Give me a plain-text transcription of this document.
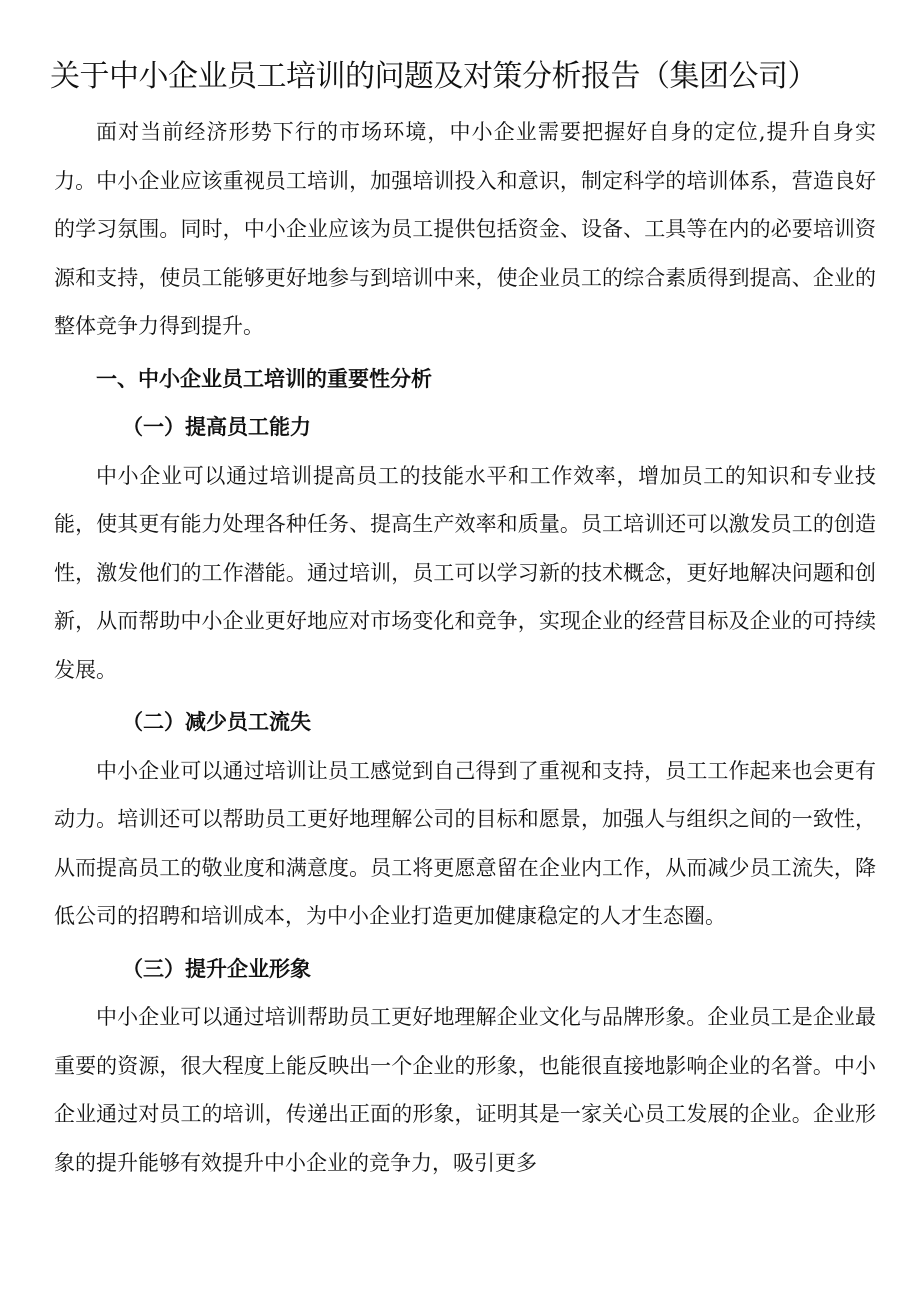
关于中小企业员工培训的问题及对策分析报告（集团公司）

面对当前经济形势下行的市场环境，中小企业需要把握好自身的定位,提升自身实力。中小企业应该重视员工培训，加强培训投入和意识，制定科学的培训体系，营造良好的学习氛围。同时，中小企业应该为员工提供包括资金、设备、工具等在内的必要培训资源和支持，使员工能够更好地参与到培训中来，使企业员工的综合素质得到提高、企业的整体竞争力得到提升。

一、中小企业员工培训的重要性分析

（一）提高员工能力

中小企业可以通过培训提高员工的技能水平和工作效率，增加员工的知识和专业技能，使其更有能力处理各种任务、提高生产效率和质量。员工培训还可以激发员工的创造性，激发他们的工作潜能。通过培训，员工可以学习新的技术概念，更好地解决问题和创新，从而帮助中小企业更好地应对市场变化和竞争，实现企业的经营目标及企业的可持续发展。

（二）减少员工流失

中小企业可以通过培训让员工感觉到自己得到了重视和支持，员工工作起来也会更有动力。培训还可以帮助员工更好地理解公司的目标和愿景，加强人与组织之间的一致性，从而提高员工的敬业度和满意度。员工将更愿意留在企业内工作，从而减少员工流失，降低公司的招聘和培训成本，为中小企业打造更加健康稳定的人才生态圈。

（三）提升企业形象

中小企业可以通过培训帮助员工更好地理解企业文化与品牌形象。企业员工是企业最重要的资源，很大程度上能反映出一个企业的形象，也能很直接地影响企业的名誉。中小企业通过对员工的培训，传递出正面的形象，证明其是一家关心员工发展的企业。企业形象的提升能够有效提升中小企业的竞争力，吸引更多
